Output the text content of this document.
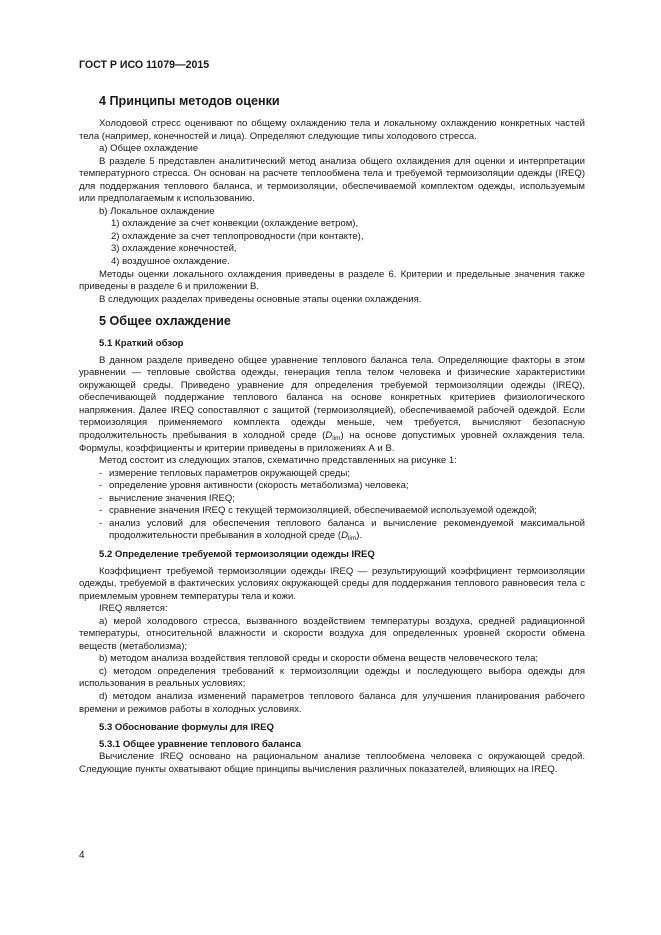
ГОСТ Р ИСО 11079—2015
4 Принципы методов оценки

Холодовой стресс оценивают по общему охлаждению тела и локальному охлаждению конкретных частей тела (например, конечностей и лица). Определяют следующие типы холодового стресса.

а) Общее охлаждение

В разделе 5 представлен аналитический метод анализа общего охлаждения для оценки и интерпретации температурного стресса. Он основан на расчете теплообмена тела и требуемой термоизоляции одежды (IREQ) для поддержания теплового баланса, и термоизоляции, обеспечиваемой комплектом одежды, используемым или предполагаемым к использованию.

b) Локальное охлаждение

1) охлаждение за счет конвекции (охлаждение ветром),

2) охлаждение за счет теплопроводности (при контакте),

3) охлаждение конечностей,

4) воздушное охлаждение.

Методы оценки локального охлаждения приведены в разделе 6. Критерии и предельные значения также приведены в разделе 6 и приложении В.

В следующих разделах приведены основные этапы оценки охлаждения.

5 Общее охлаждение
5.1 Краткий обзор

В данном разделе приведено общее уравнение теплового баланса тела. Определяющие факторы в этом уравнении — тепловые свойства одежды, генерация тепла телом человека и физические характеристики окружающей среды. Приведено уравнение для определения требуемой термоизоляции одежды (IREQ), обеспечивающей поддержание теплового баланса на основе конкретных критериев физиологического напряжения. Далее IREQ сопоставляют с защитой (термоизоляцией), обеспечиваемой рабочей одеждой. Если термоизоляция применяемого комплекта одежды меньше, чем требуется, вычисляют безопасную продолжительность пребывания в холодной среде $(D_{lim})$ на основе допустимых уровней охлаждения тела. Формулы, коэффициенты и критерии приведены в приложениях А и В.

Метод состоит из следующих этапов, схематично представленных на рисунке 1:

- измерение тепловых параметров окружающей среды;

- определение уровня активности (скорость метаболизма) человека;

- вычисление значения IREQ;

- сравнение значения IREQ с текущей термоизоляцией, обеспечиваемой используемой одеждой;

- анализ условий для обеспечения теплового баланса и вычисление рекомендуемой максимальной продолжительности пребывания в холодной среде $(D_{lim})$.

5.2 Определение требуемой термоизоляции одежды IREQ

Коэффициент требуемой термоизоляции одежды IREQ — результирующий коэффициент термоизоляции одежды, требуемой в фактических условиях окружающей среды для поддержания теплового равновесия тела с приемлемым уровнем температуры тела и кожи.

IREQ является:

а) мерой холодового стресса, вызванного воздействием температуры воздуха, средней радиационной температуры, относительной влажности и скорости воздуха для определенных уровней скорости обмена веществ (метаболизма);

b) методом анализа воздействия тепловой среды и скорости обмена веществ человеческого тела;

с) методом определения требований к термоизоляции одежды и последующего выбора одежды для использования в реальных условиях;

d) методом анализа изменений параметров теплового баланса для улучшения планирования рабочего времени и режимов работы в холодных условиях.

5.3 Обоснование формулы для IREQ
5.3.1 Общее уравнение теплового баланса

Вычисление IREQ основано на рациональном анализе теплообмена человека с окружающей средой. Следующие пункты охватывают общие принципы вычисления различных показателей, влияющих на IREQ.

4
